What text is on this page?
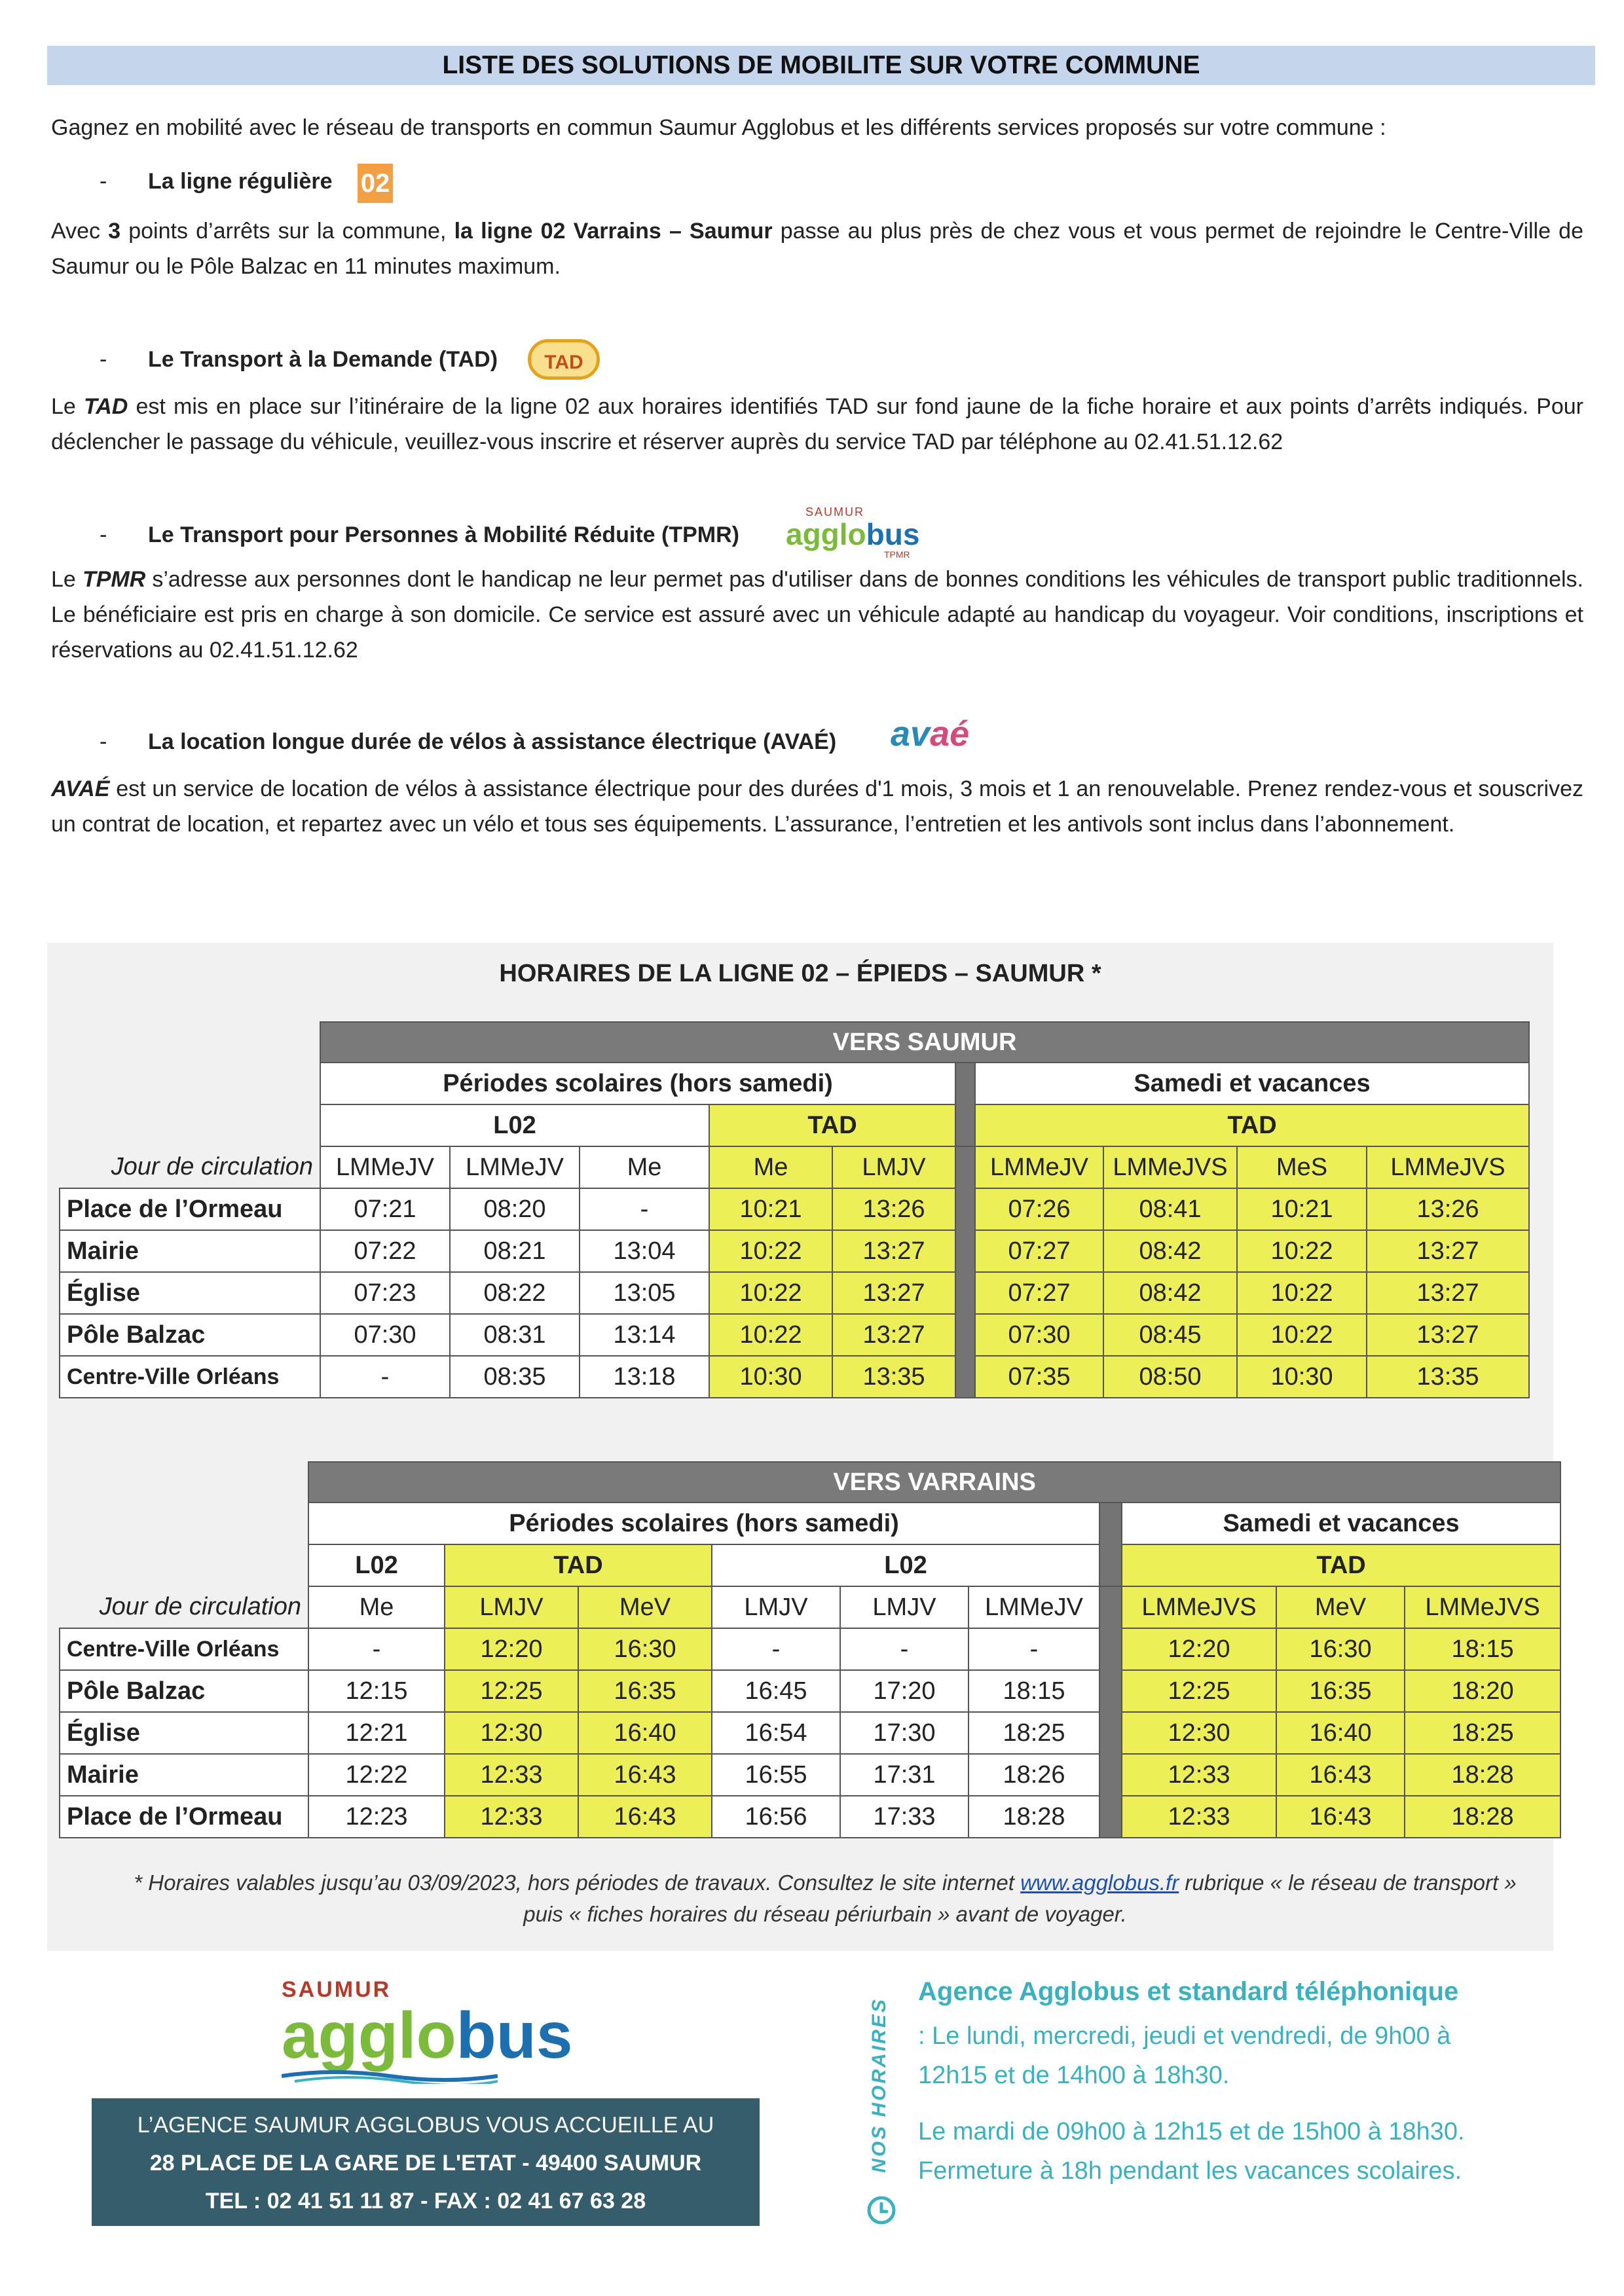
LISTE DES SOLUTIONS DE MOBILITE SUR VOTRE COMMUNE
Gagnez en mobilité avec le réseau de transports en commun Saumur Agglobus et les différents services proposés sur votre commune :
- La ligne régulière 02
Avec 3 points d’arrêts sur la commune, la ligne 02 Varrains – Saumur passe au plus près de chez vous et vous permet de rejoindre le Centre-Ville de Saumur ou le Pôle Balzac en 11 minutes maximum.
- Le Transport à la Demande (TAD)	TAD
Le TAD est mis en place sur l’itinéraire de la ligne 02 aux horaires identifiés TAD sur fond jaune de la fiche horaire et aux points d’arrêts indiqués. Pour déclencher le passage du véhicule, veuillez-vous inscrire et réserver auprès du service TAD par téléphone au 02.41.51.12.62
- Le Transport pour Personnes à Mobilité Réduite (TPMR)
SAUMUR
agglobus
TPMR
Le TPMR s’adresse aux personnes dont le handicap ne leur permet pas d'utiliser dans de bonnes conditions les véhicules de transport public traditionnels. Le bénéficiaire est pris en charge à son domicile. Ce service est assuré avec un véhicule adapté au handicap du voyageur. Voir conditions, inscriptions et réservations au 02.41.51.12.62
- La location longue durée de vélos à assistance électrique (AVAÉ) avaé
AVAÉ est un service de location de vélos à assistance électrique pour des durées d'1 mois, 3 mois et 1 an renouvelable. Prenez rendez-vous et souscrivez un contrat de location, et repartez avec un vélo et tous ses équipements. L’assurance, l’entretien et les antivols sont inclus dans l’abonnement.
HORAIRES DE LA LIGNE 02 – ÉPIEDS – SAUMUR *
	VERS SAUMUR									
	Périodes scolaires (hors samedi)						Samedi et vacances			
	L02			TAD			TAD			
Jour de circulation	LMMeJV	LMMeJV	Me	Me	LMJV		LMMeJV	LMMeJVS	MeS	LMMeJVS
Place de l’Ormeau	07:21	08:20	-	10:21	13:26		07:26	08:41	10:21	13:26
Mairie	07:22	08:21	13:04	10:22	13:27		07:27	08:42	10:22	13:27
Église	07:23	08:22	13:05	10:22	13:27		07:27	08:42	10:22	13:27
Pôle Balzac	07:30	08:31	13:14	10:22	13:27		07:30	08:45	10:22	13:27
Centre-Ville Orléans	-	08:35	13:18	10:30	13:35		07:35	08:50	10:30	13:35
	VERS VARRAINS									
	Périodes scolaires (hors samedi)							Samedi et vacances		
	L02	TAD		L02				TAD		
Jour de circulation	Me	LMJV	MeV	LMJV	LMJV	LMMeJV		LMMeJVS	MeV	LMMeJVS
Centre-Ville Orléans	-	12:20	16:30	-	-	-		12:20	16:30	18:15
Pôle Balzac	12:15	12:25	16:35	16:45	17:20	18:15		12:25	16:35	18:20
Église	12:21	12:30	16:40	16:54	17:30	18:25		12:30	16:40	18:25
Mairie	12:22	12:33	16:43	16:55	17:31	18:26		12:33	16:43	18:28
Place de l’Ormeau	12:23	12:33	16:43	16:56	17:33	18:28		12:33	16:43	18:28
* Horaires valables jusqu’au 03/09/2023, hors périodes de travaux. Consultez le site internet www.agglobus.fr rubrique « le réseau de transport » puis « fiches horaires du réseau périurbain » avant de voyager.
SAUMUR
agglobus
L’AGENCE SAUMUR AGGLOBUS VOUS ACCUEILLE AU
28 PLACE DE LA GARE DE L'ETAT - 49400 SAUMUR
TEL : 02 41 51 11 87 - FAX : 02 41 67 63 28
NOS HORAIRES
Agence Agglobus et standard téléphonique
: Le lundi, mercredi, jeudi et vendredi, de 9h00 à 12h15 et de 14h00 à 18h30.
Le mardi de 09h00 à 12h15 et de 15h00 à 18h30. Fermeture à 18h pendant les vacances scolaires.
